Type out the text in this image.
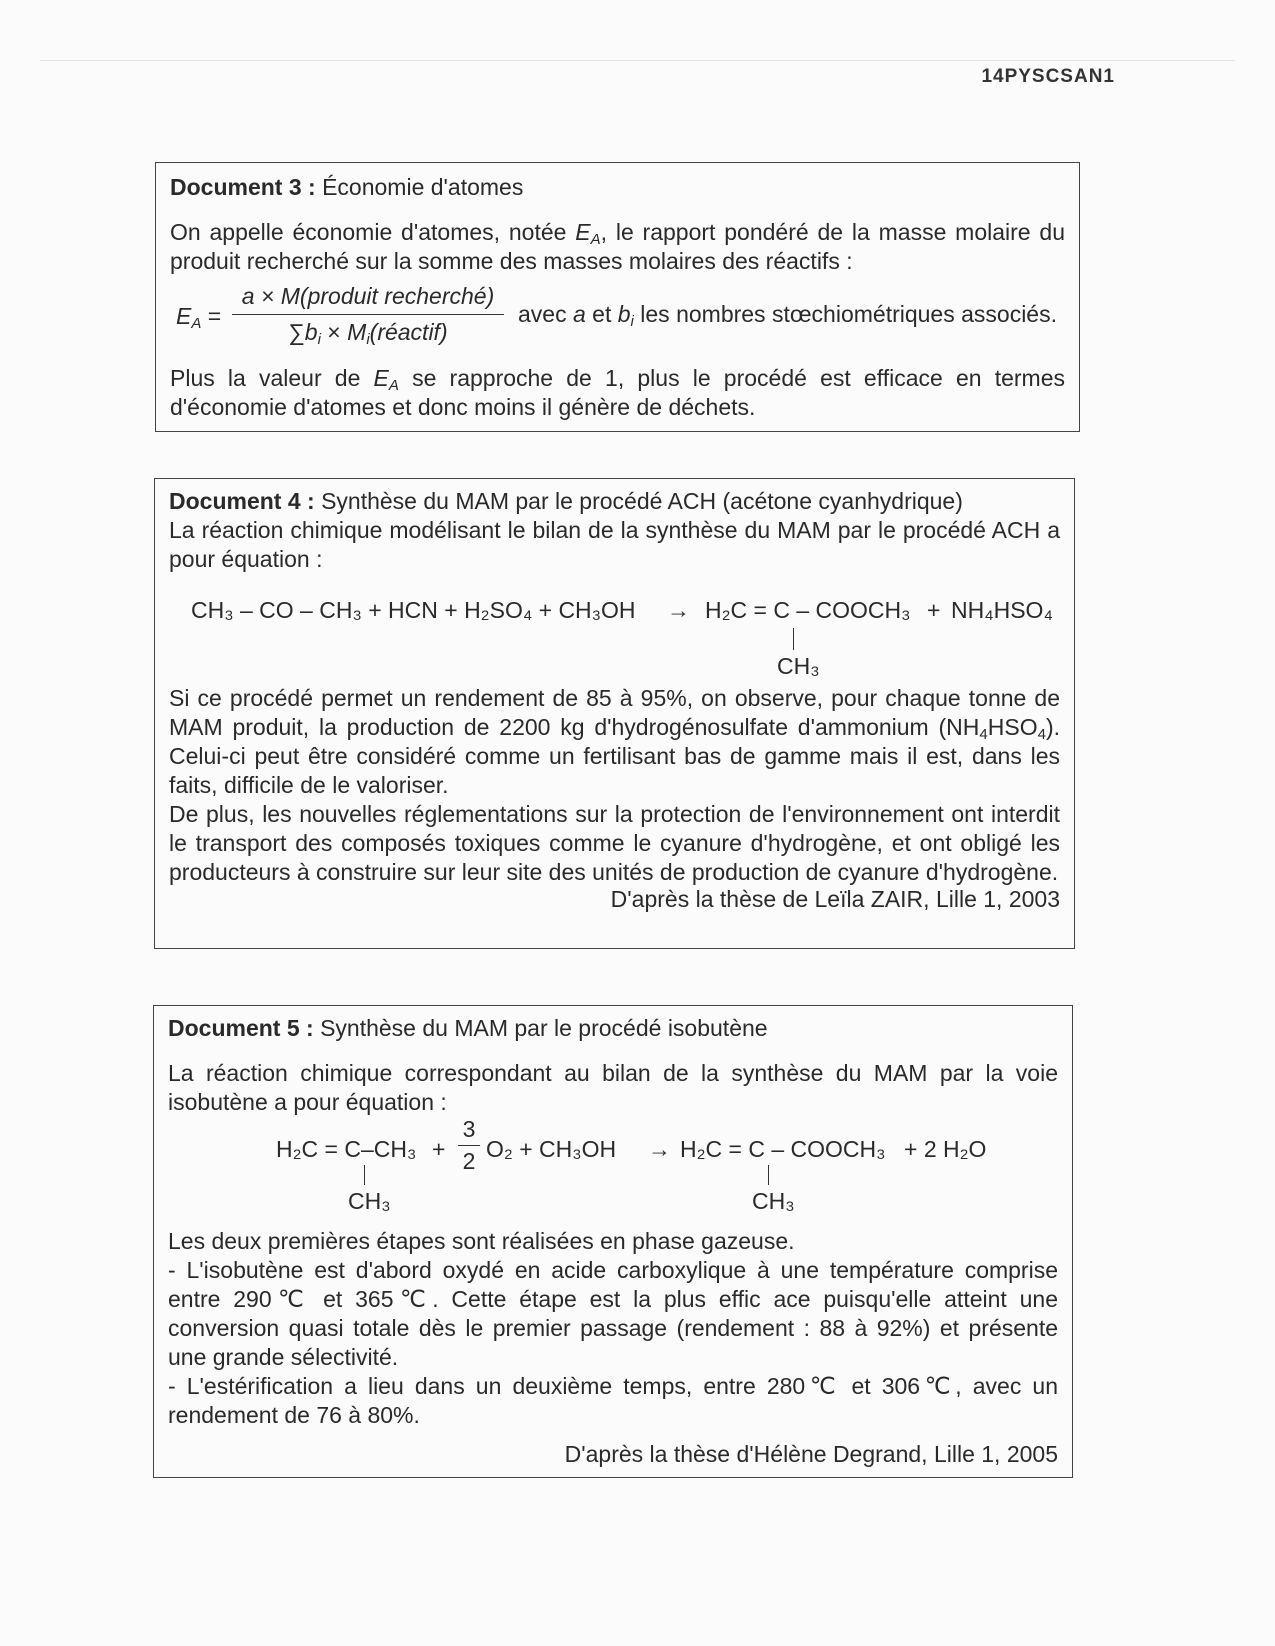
14PYSCSAN1

Document 3 : Économie d'atomes

On appelle économie d'atomes, notée $E_A$, le rapport pondéré de la masse molaire du produit recherché sur la somme des masses molaires des réactifs :

$E_A$ =
a × M(produit recherché)
$\sum b_i$ × $M_i(réactif)$
avec a et $b_i$ les nombres stœchiométriques associés.

Plus la valeur de $E_A$ se rapproche de 1, plus le procédé est efficace en termes d'économie d'atomes et donc moins il génère de déchets.

Document 4 : Synthèse du MAM par le procédé ACH (acétone cyanhydrique)

La réaction chimique modélisant le bilan de la synthèse du MAM par le procédé ACH a pour équation :

CH₃ – CO – CH₃ + HCN + H₂SO₄ + CH₃OH → H₂C = C – COOCH₃ + NH₄HSO₄
CH₃

Si ce procédé permet un rendement de 85 à 95%, on observe, pour chaque tonne de MAM produit, la production de 2200 kg d'hydrogénosulfate d'ammonium $(NH_4HSO_4)$. Celui-ci peut être considéré comme un fertilisant bas de gamme mais il est, dans les faits, difficile de le valoriser.

De plus, les nouvelles réglementations sur la protection de l'environnement ont interdit le transport des composés toxiques comme le cyanure d'hydrogène, et ont obligé les producteurs à construire sur leur site des unités de production de cyanure d'hydrogène.

D'après la thèse de Leïla ZAIR, Lille 1, 2003

Document 5 : Synthèse du MAM par le procédé isobutène

La réaction chimique correspondant au bilan de la synthèse du MAM par la voie isobutène a pour équation :

H₂C = C–CH₃ +
3
2 O₂ + CH₃OH → H₂C = C – COOCH₃ + 2 H₂O
CH₃	CH₃

Les deux premières étapes sont réalisées en phase gazeuse.

- L'isobutène est d'abord oxydé en acide carboxylique à une température comprise entre 290℃ et 365℃. Cette étape est la plus effic ace puisqu'elle atteint une conversion quasi totale dès le premier passage (rendement : 88 à 92%) et présente une grande sélectivité.

- L'estérification a lieu dans un deuxième temps, entre 280℃ et 306℃, avec un rendement de 76 à 80%.

D'après la thèse d'Hélène Degrand, Lille 1, 2005
